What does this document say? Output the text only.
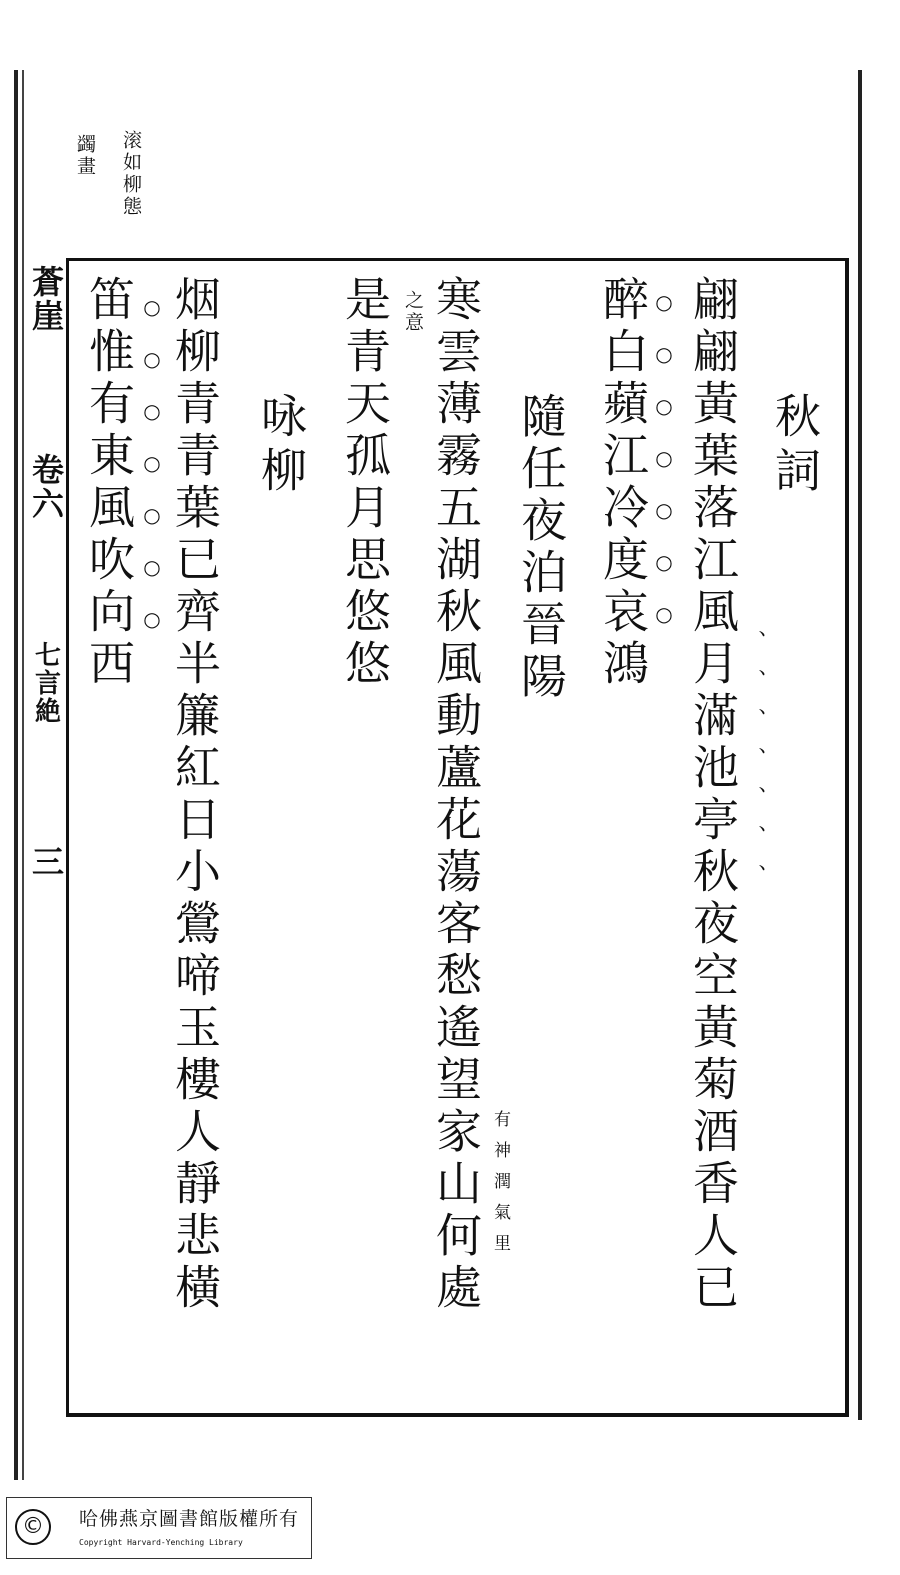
滚如柳態
蠲畫
蒼崖
卷六
七言絶
三
秋詞
翩翩黃葉落江風月滿池亭秋夜空黃菊酒香人已
醉白蘋江冷度哀鴻
隨任夜泊晉陽
寒雲薄霧五湖秋風動蘆花蕩客愁遙望家山何處
是青天孤月思悠悠
咏柳
烟柳青青葉已齊半簾紅日小鶯啼玉樓人靜悲橫
笛惟有東風吹向西	之意
有神潤氣里
、、、、、、、
○○○○○○○
○○○○○○○
©	哈佛燕京圖書館版權所有
Copyright Harvard-Yenching Library
